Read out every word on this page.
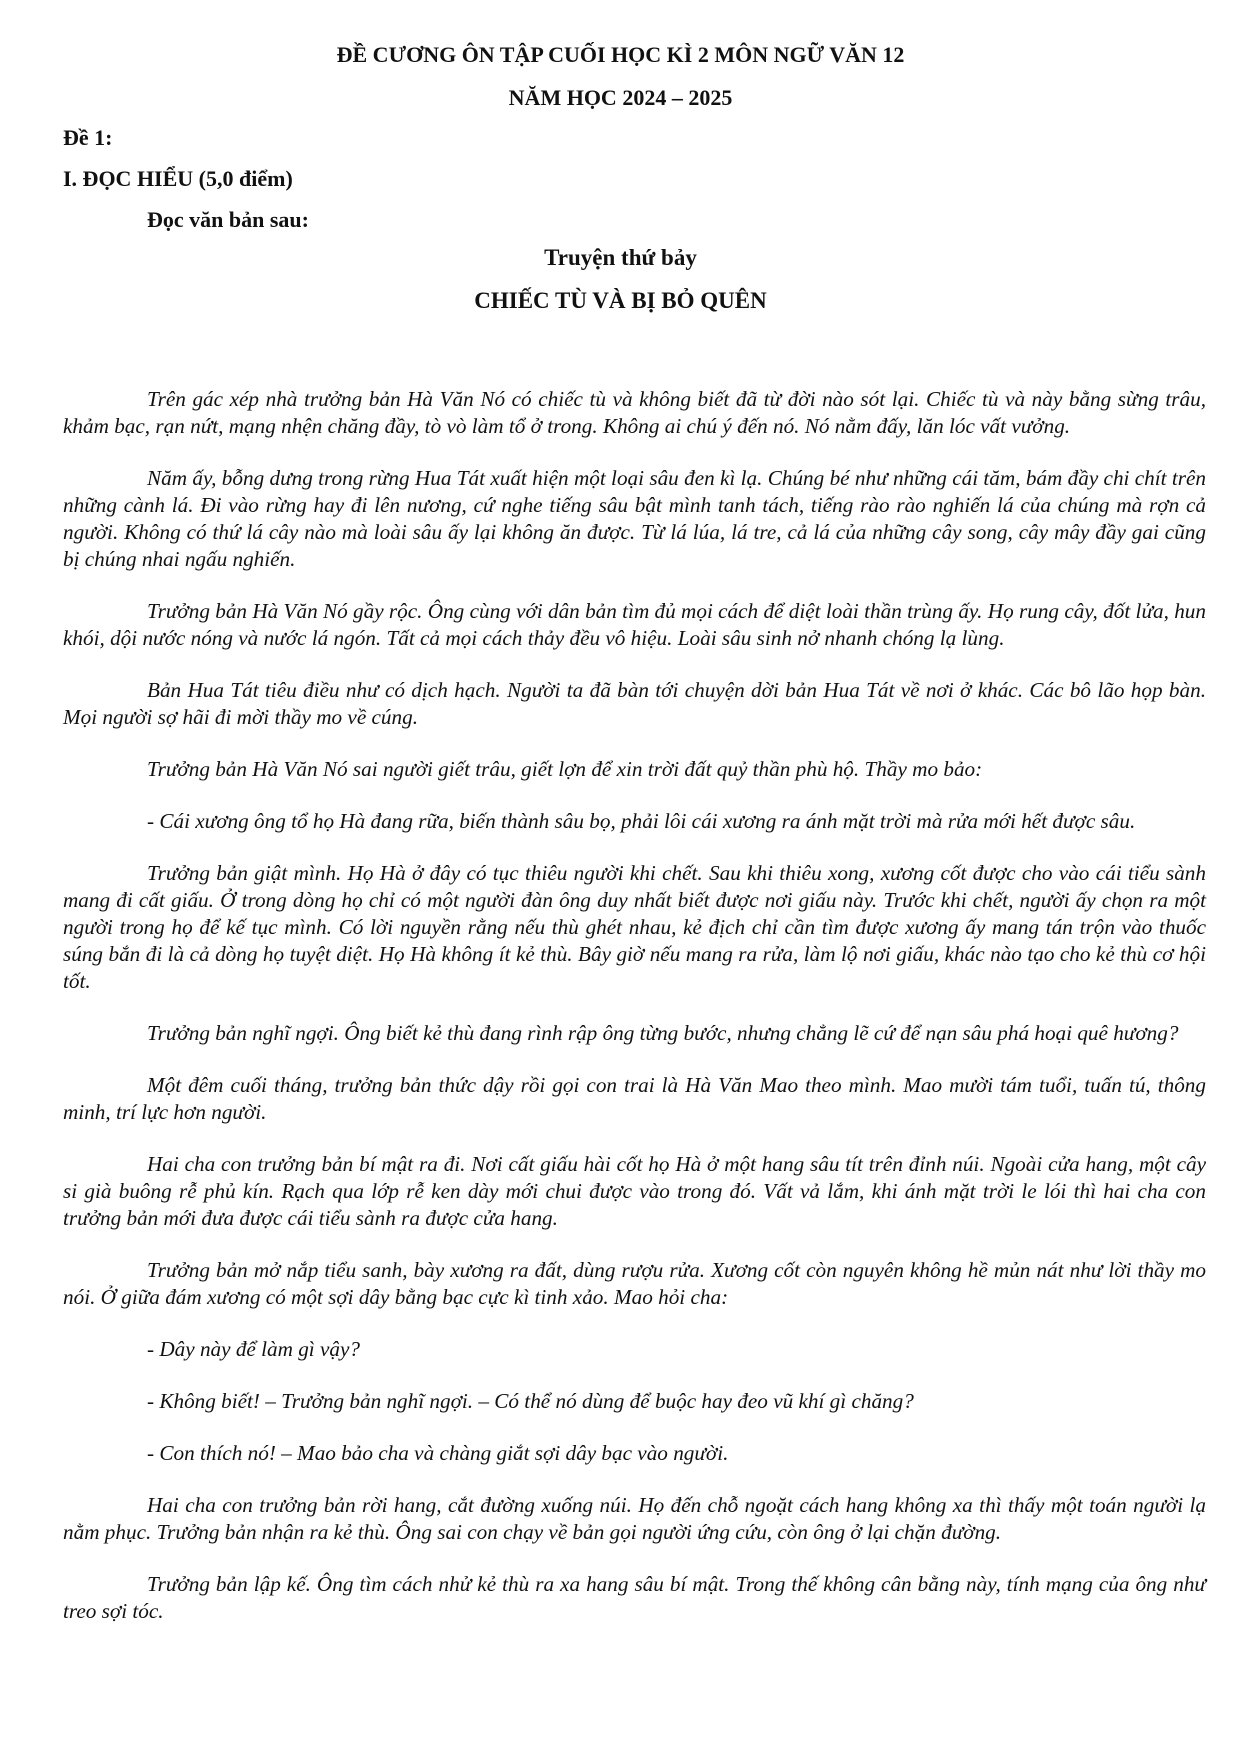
ĐỀ CƯƠNG ÔN TẬP CUỐI HỌC KÌ 2 MÔN NGỮ VĂN 12
NĂM HỌC 2024 – 2025
Đề 1:
I. ĐỌC HIỂU (5,0 điểm)
Đọc văn bản sau:
Truyện thứ bảy
CHIẾC TÙ VÀ BỊ BỎ QUÊN

Trên gác xép nhà trưởng bản Hà Văn Nó có chiếc tù và không biết đã từ đời nào sót lại. Chiếc tù và này bằng sừng trâu, khảm bạc, rạn nứt, mạng nhện chăng đầy, tò vò làm tổ ở trong. Không ai chú ý đến nó. Nó nằm đấy, lăn lóc vất vưởng.

Năm ấy, bỗng dưng trong rừng Hua Tát xuất hiện một loại sâu đen kì lạ. Chúng bé như những cái tăm, bám đầy chi chít trên những cành lá. Đi vào rừng hay đi lên nương, cứ nghe tiếng sâu bật mình tanh tách, tiếng rào rào nghiến lá của chúng mà rợn cả người. Không có thứ lá cây nào mà loài sâu ấy lại không ăn được. Từ lá lúa, lá tre, cả lá của những cây song, cây mây đầy gai cũng bị chúng nhai ngấu nghiến.

Trưởng bản Hà Văn Nó gầy rộc. Ông cùng với dân bản tìm đủ mọi cách để diệt loài thần trùng ấy. Họ rung cây, đốt lửa, hun khói, dội nước nóng và nước lá ngón. Tất cả mọi cách thảy đều vô hiệu. Loài sâu sinh nở nhanh chóng lạ lùng.

Bản Hua Tát tiêu điều như có dịch hạch. Người ta đã bàn tới chuyện dời bản Hua Tát về nơi ở khác. Các bô lão họp bàn. Mọi người sợ hãi đi mời thầy mo về cúng.

Trưởng bản Hà Văn Nó sai người giết trâu, giết lợn để xin trời đất quỷ thần phù hộ. Thầy mo bảo:

- Cái xương ông tổ họ Hà đang rữa, biến thành sâu bọ, phải lôi cái xương ra ánh mặt trời mà rửa mới hết được sâu.

Trưởng bản giật mình. Họ Hà ở đây có tục thiêu người khi chết. Sau khi thiêu xong, xương cốt được cho vào cái tiểu sành mang đi cất giấu. Ở trong dòng họ chỉ có một người đàn ông duy nhất biết được nơi giấu này. Trước khi chết, người ấy chọn ra một người trong họ để kế tục mình. Có lời nguyền rằng nếu thù ghét nhau, kẻ địch chỉ cần tìm được xương ấy mang tán trộn vào thuốc súng bắn đi là cả dòng họ tuyệt diệt. Họ Hà không ít kẻ thù. Bây giờ nếu mang ra rửa, làm lộ nơi giấu, khác nào tạo cho kẻ thù cơ hội tốt.

Trưởng bản nghĩ ngợi. Ông biết kẻ thù đang rình rập ông từng bước, nhưng chẳng lẽ cứ để nạn sâu phá hoại quê hương?

Một đêm cuối tháng, trưởng bản thức dậy rồi gọi con trai là Hà Văn Mao theo mình. Mao mười tám tuổi, tuấn tú, thông minh, trí lực hơn người.

Hai cha con trưởng bản bí mật ra đi. Nơi cất giấu hài cốt họ Hà ở một hang sâu tít trên đỉnh núi. Ngoài cửa hang, một cây si già buông rễ phủ kín. Rạch qua lớp rễ ken dày mới chui được vào trong đó. Vất vả lắm, khi ánh mặt trời le lói thì hai cha con trưởng bản mới đưa được cái tiểu sành ra được cửa hang.

Trưởng bản mở nắp tiểu sanh, bày xương ra đất, dùng rượu rửa. Xương cốt còn nguyên không hề mủn nát như lời thầy mo nói. Ở giữa đám xương có một sợi dây bằng bạc cực kì tinh xảo. Mao hỏi cha:

- Dây này để làm gì vậy?

- Không biết! – Trưởng bản nghĩ ngợi. – Có thể nó dùng để buộc hay đeo vũ khí gì chăng?

- Con thích nó! – Mao bảo cha và chàng giắt sợi dây bạc vào người.

Hai cha con trưởng bản rời hang, cắt đường xuống núi. Họ đến chỗ ngoặt cách hang không xa thì thấy một toán người lạ nằm phục. Trưởng bản nhận ra kẻ thù. Ông sai con chạy về bản gọi người ứng cứu, còn ông ở lại chặn đường.

Trưởng bản lập kế. Ông tìm cách nhử kẻ thù ra xa hang sâu bí mật. Trong thế không cân bằng này, tính mạng của ông như treo sợi tóc.
